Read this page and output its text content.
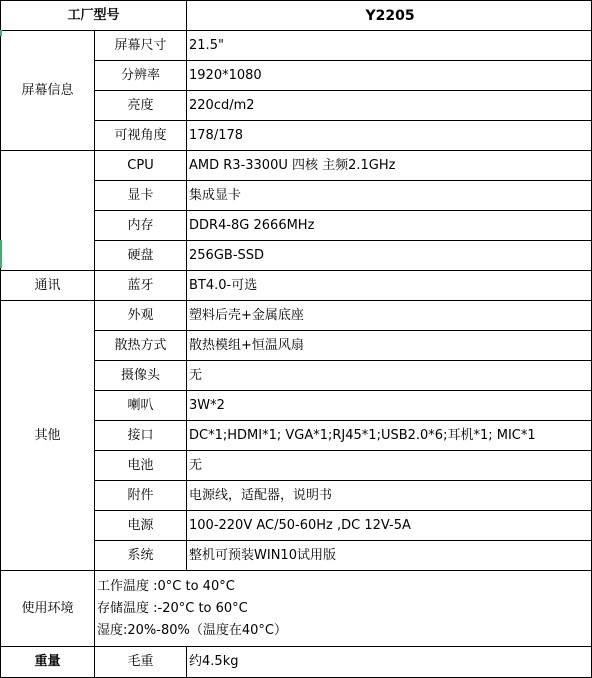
工厂型号		Y2205
屏幕信息	屏幕尺寸	21.5"
	分辨率	1920*1080
	亮度	220cd/m2
	可视角度	178/178
	CPU	AMD R3-3300U 四核 主频2.1GHz
	显卡	集成显卡
	内存	DDR4-8G 2666MHz
	硬盘	256GB-SSD
通讯	蓝牙	BT4.0-可选
其他	外观	塑料后壳+金属底座
	散热方式	散热模组+恒温风扇
	摄像头	无
	喇叭	3W*2
	接口	DC*1;HDMI*1; VGA*1;RJ45*1;USB2.0*6;耳机*1; MIC*1
	电池	无
	附件	电源线，适配器，说明书
	电源	100-220V AC/50-60Hz ,DC 12V-5A
	系统	整机可预装WIN10试用版
使用环境	工作温度 :0°C to 40°C
存储温度 :-20°C to 60°C
湿度:20%-80%（温度在40°C）	

重量	毛重	约4.5kg
